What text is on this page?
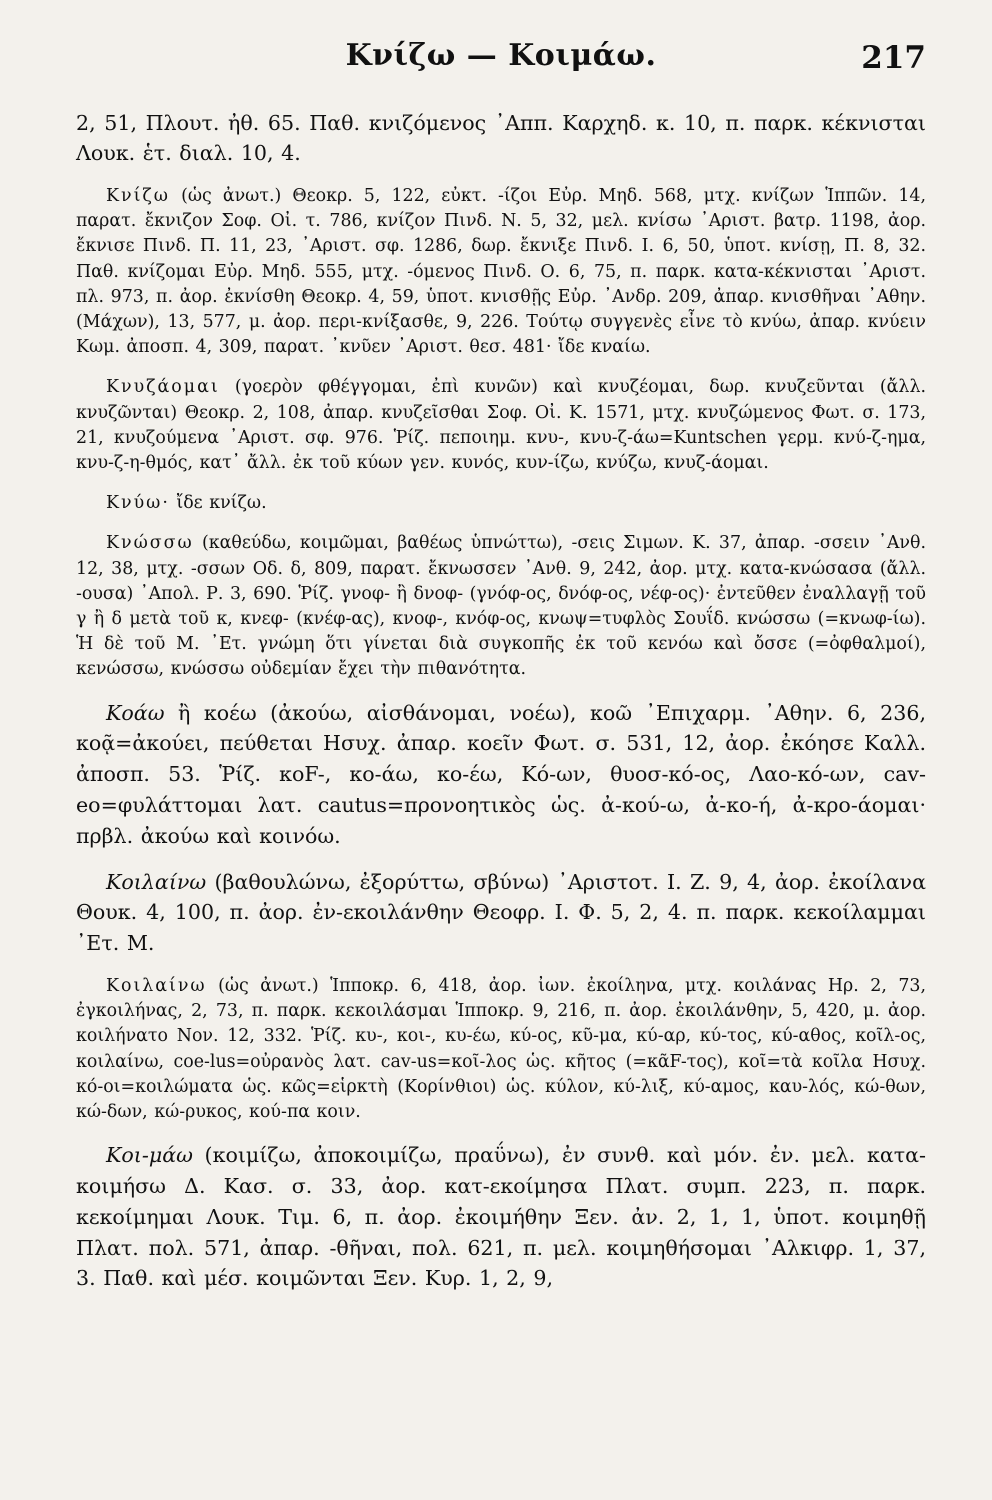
Κνίζω — Κοιμάω.	217

2, 51, Πλουτ. ἠθ. 65. Παθ. κνιζόμενος ᾽Αππ. Καρχηδ. κ. 10, π. παρκ. κέκνισται Λουκ. ἑτ. διαλ. 10, 4.

Κνίζω (ὡς ἀνωτ.) Θεοκρ. 5, 122, εὐκτ. -ίζοι Εὐρ. Μηδ. 568, μτχ. κνίζων Ἱππῶν. 14, παρατ. ἔκνιζον Σοφ. Οἰ. τ. 786, κνίζον Πινδ. Ν. 5, 32, μελ. κνίσω ᾽Αριστ. βατρ. 1198, ἀορ. ἔκνισε Πινδ. Π. 11, 23, ᾽Αριστ. σφ. 1286, δωρ. ἔκνιξε Πινδ. Ι. 6, 50, ὑποτ. κνίσῃ, Π. 8, 32. Παθ. κνίζομαι Εὐρ. Μηδ. 555, μτχ. -όμενος Πινδ. Ο. 6, 75, π. παρκ. κατα-κέκνισται ᾽Αριστ. πλ. 973, π. ἀορ. ἐκνίσθη Θεοκρ. 4, 59, ὑποτ. κνισθῇς Εὐρ. ᾽Ανδρ. 209, ἀπαρ. κνισθῆναι ᾽Αθην. (Μάχων), 13, 577, μ. ἀορ. περι-κνίξασθε, 9, 226. Τούτῳ συγγενὲς εἶνε τὸ κνύω, ἀπαρ. κνύειν Κωμ. ἀποσπ. 4, 309, παρατ. ᾽κνῦεν ᾽Αριστ. θεσ. 481· ἴδε κναίω.

Κνυζάομαι (γοερὸν φθέγγομαι, ἐπὶ κυνῶν) καὶ κνυζέομαι, δωρ. κνυζεῦνται (ἄλλ. κνυζῶνται) Θεοκρ. 2, 108, ἀπαρ. κνυζεῖσθαι Σοφ. Οἰ. Κ. 1571, μτχ. κνυζώμενος Φωτ. σ. 173, 21, κνυζούμενα ᾽Αριστ. σφ. 976. Ῥίζ. πεποιημ. κνυ-, κνυ-ζ-άω=Kuntschen γερμ. κνύ-ζ-ημα, κνυ-ζ-η-θμός, κατ᾽ ἄλλ. ἐκ τοῦ κύων γεν. κυνός, κυν-ίζω, κνύζω, κνυζ-άομαι.

Κνύω· ἴδε κνίζω.

Κνώσσω (καθεύδω, κοιμῶμαι, βαθέως ὑπνώττω), -σεις Σιμων. Κ. 37, ἀπαρ. -σσειν ᾽Ανθ. 12, 38, μτχ. -σσων Οδ. δ, 809, παρατ. ἔκνωσσεν ᾽Ανθ. 9, 242, ἀορ. μτχ. κατα-κνώσασα (ἄλλ. -ουσα) ᾽Απολ. Ρ. 3, 690. Ῥίζ. γνοφ- ἢ δνοφ- (γνόφ-ος, δνόφ-ος, νέφ-ος)· ἐντεῦθεν ἐναλλαγῇ τοῦ γ ἢ δ μετὰ τοῦ κ, κνεφ- (κνέφ-ας), κνοφ-, κνόφ-ος, κνωψ=τυφλὸς Σουΐδ. κνώσσω (=κνωφ-ίω). Ἡ δὲ τοῦ Μ. ᾽Ετ. γνώμη ὅτι γίνεται διὰ συγκοπῆς ἐκ τοῦ κενόω καὶ ὄσσε (=ὀφθαλμοί), κενώσσω, κνώσσω οὐδεμίαν ἔχει τὴν πιθανότητα.

Κοάω ἢ κοέω (ἀκούω, αἰσθάνομαι, νοέω), κοῶ ᾽Επιχαρμ. ᾽Αθην. 6, 236, κοᾷ=ἀκούει, πεύθεται Ησυχ. ἀπαρ. κοεῖν Φωτ. σ. 531, 12, ἀορ. ἐκόησε Καλλ. ἀποσπ. 53. Ῥίζ. κοF-, κο-άω, κο-έω, Κό-ων, θυοσ-κό-ος, Λαο-κό-ων, cav-eo=φυλάττομαι λατ. cautus=προνοητικὸς ὡς. ἀ-κού-ω, ἀ-κο-ή, ἀ-κρο-άομαι· πρβλ. ἀκούω καὶ κοινόω.

Κοιλαίνω (βαθουλώνω, ἐξορύττω, σβύνω) ᾽Αριστοτ. Ι. Ζ. 9, 4, ἀορ. ἐκοίλανα Θουκ. 4, 100, π. ἀορ. ἐν-εκοιλάνθην Θεοφρ. Ι. Φ. 5, 2, 4. π. παρκ. κεκοίλαμμαι ᾽Ετ. Μ.

Κοιλαίνω (ὡς ἀνωτ.) Ἱπποκρ. 6, 418, ἀορ. ἰων. ἐκοίληνα, μτχ. κοιλάνας Ηρ. 2, 73, ἐγκοιλήνας, 2, 73, π. παρκ. κεκοιλάσμαι Ἱπποκρ. 9, 216, π. ἀορ. ἐκοιλάνθην, 5, 420, μ. ἀορ. κοιλήνατο Νον. 12, 332. Ῥίζ. κυ-, κοι-, κυ-έω, κύ-ος, κῦ-μα, κύ-αρ, κύ-τος, κύ-αθος, κοῖλ-ος, κοιλαίνω, coe-lus=οὐρανὸς λατ. cav-us=κοῖ-λος ὡς. κῆτος (=κᾶF-τος), κοῖ=τὰ κοῖλα Ησυχ. κό-οι=κοιλώματα ὡς. κῶς=εἱρκτὴ (Κορίνθιοι) ὡς. κύλον, κύ-λιξ, κύ-αμος, καυ-λός, κώ-θων, κώ-δων, κώ-ρυκος, κού-πα κοιν.

Κοι-μάω (κοιμίζω, ἀποκοιμίζω, πραΰνω), ἐν συνθ. καὶ μόν. ἐν. μελ. κατα-κοιμήσω Δ. Κασ. σ. 33, ἀορ. κατ-εκοίμησα Πλατ. συμπ. 223, π. παρκ. κεκοίμημαι Λουκ. Τιμ. 6, π. ἀορ. ἐκοιμήθην Ξεν. ἀν. 2, 1, 1, ὑποτ. κοιμηθῇ Πλατ. πολ. 571, ἀπαρ. -θῆναι, πολ. 621, π. μελ. κοιμηθήσομαι ᾽Αλκιφρ. 1, 37, 3. Παθ. καὶ μέσ. κοιμῶνται Ξεν. Κυρ. 1, 2, 9,
